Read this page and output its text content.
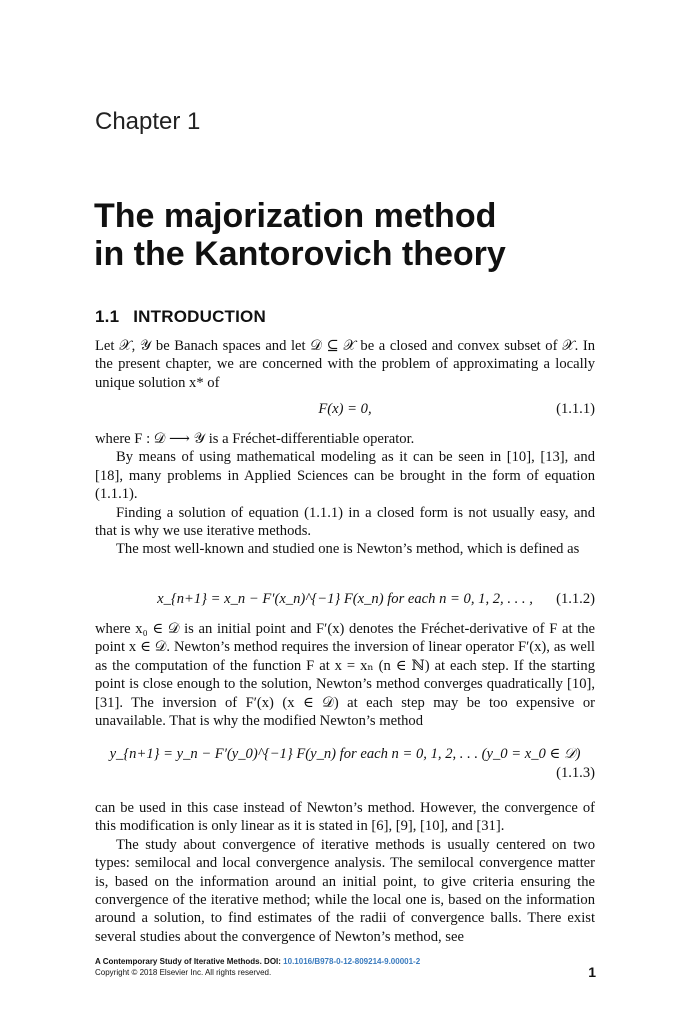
Chapter 1
The majorization method
in the Kantorovich theory
1.1 INTRODUCTION

Let 𝒳, 𝒴 be Banach spaces and let 𝒟 ⊆ 𝒳 be a closed and convex subset of 𝒳. In the present chapter, we are concerned with the problem of approximating a locally unique solution x* of

F(x) = 0,	(1.1.1)

where F : 𝒟 ⟶ 𝒴 is a Fréchet-differentiable operator.

By means of using mathematical modeling as it can be seen in [10], [13], and [18], many problems in Applied Sciences can be brought in the form of equation (1.1.1).

Finding a solution of equation (1.1.1) in a closed form is not usually easy, and that is why we use iterative methods.

The most well-known and studied one is Newton’s method, which is defined as

x_{n+1} = x_n − F′(x_n)^{−1} F(x_n) for each n = 0, 1, 2, . . . ,	(1.1.2)

where x₀ ∈ 𝒟 is an initial point and F′(x) denotes the Fréchet-derivative of F at the point x ∈ 𝒟. Newton’s method requires the inversion of linear operator F′(x), as well as the computation of the function F at x = xₙ (n ∈ ℕ) at each step. If the starting point is close enough to the solution, Newton’s method converges quadratically [10], [31]. The inversion of F′(x) (x ∈ 𝒟) at each step may be too expensive or unavailable. That is why the modified Newton’s method

y_{n+1} = y_n − F′(y_0)^{−1} F(y_n) for each n = 0, 1, 2, . . . (y_0 = x_0 ∈ 𝒟)
(1.1.3)

can be used in this case instead of Newton’s method. However, the convergence of this modification is only linear as it is stated in [6], [9], [10], and [31].

The study about convergence of iterative methods is usually centered on two types: semilocal and local convergence analysis. The semilocal convergence matter is, based on the information around an initial point, to give criteria ensuring the convergence of the iterative method; while the local one is, based on the information around a solution, to find estimates of the radii of convergence balls. There exist several studies about the convergence of Newton’s method, see

A Contemporary Study of Iterative Methods. DOI: 10.1016/B978-0-12-809214-9.00001-2
Copyright © 2018 Elsevier Inc. All rights reserved.	1
